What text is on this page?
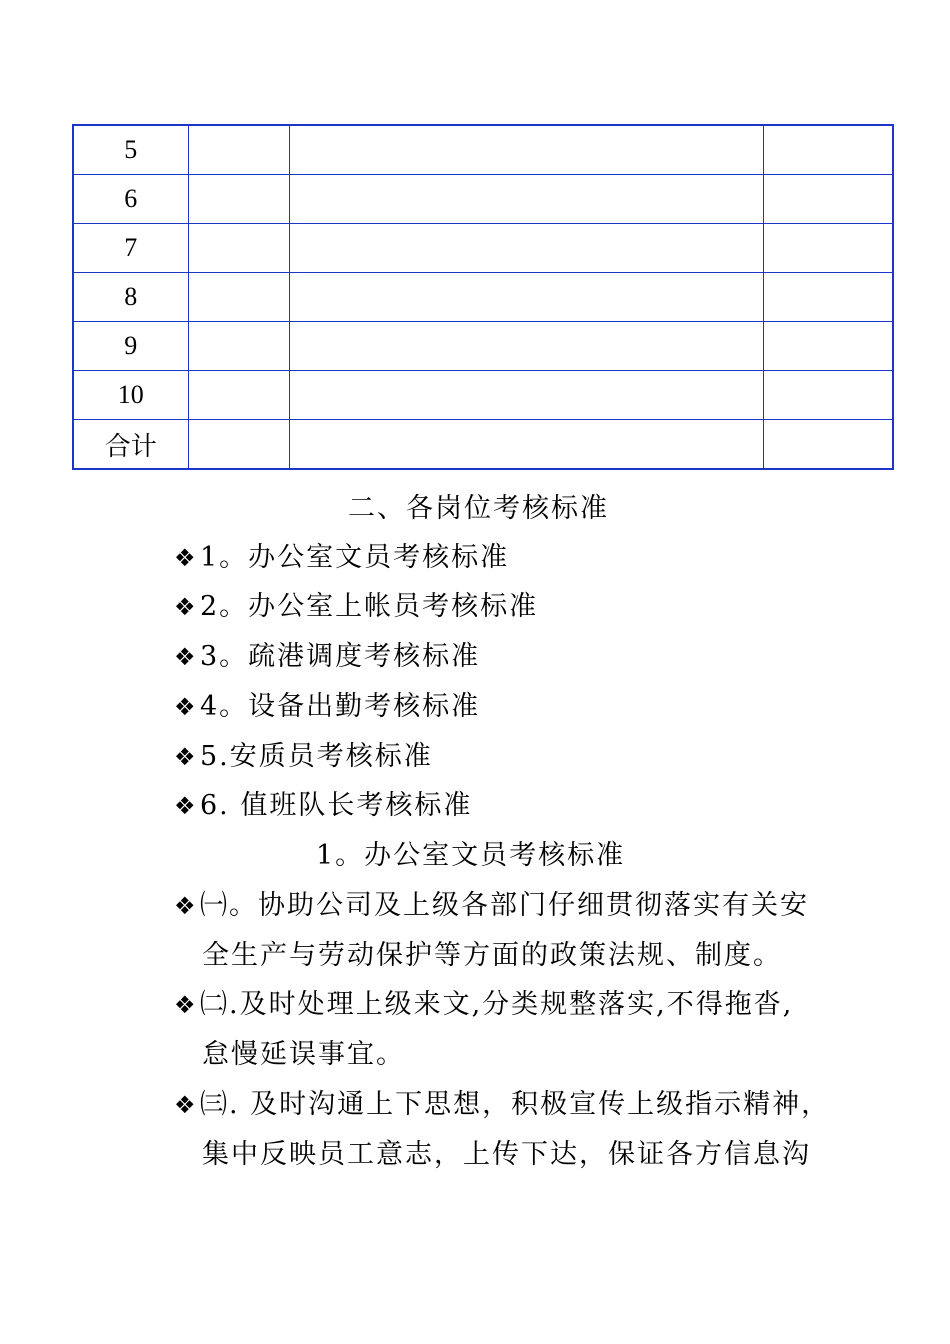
5			
6			
7			
8			
9			
10			
合计			
二、各岗位考核标准
❖ 1。办公室文员考核标准
❖ 2。办公室上帐员考核标准
❖ 3。疏港调度考核标准
❖ 4。设备出勤考核标准
❖ 5.安质员考核标准
❖ 6. 值班队长考核标准
1。办公室文员考核标准
❖ ㈠。协助公司及上级各部门仔细贯彻落实有关安
全生产与劳动保护等方面的政策法规、制度。
❖ ㈡.及时处理上级来文,分类规整落实,不得拖沓,
怠慢延误事宜。
❖ ㈢. 及时沟通上下思想，积极宣传上级指示精神，
集中反映员工意志，上传下达，保证各方信息沟
